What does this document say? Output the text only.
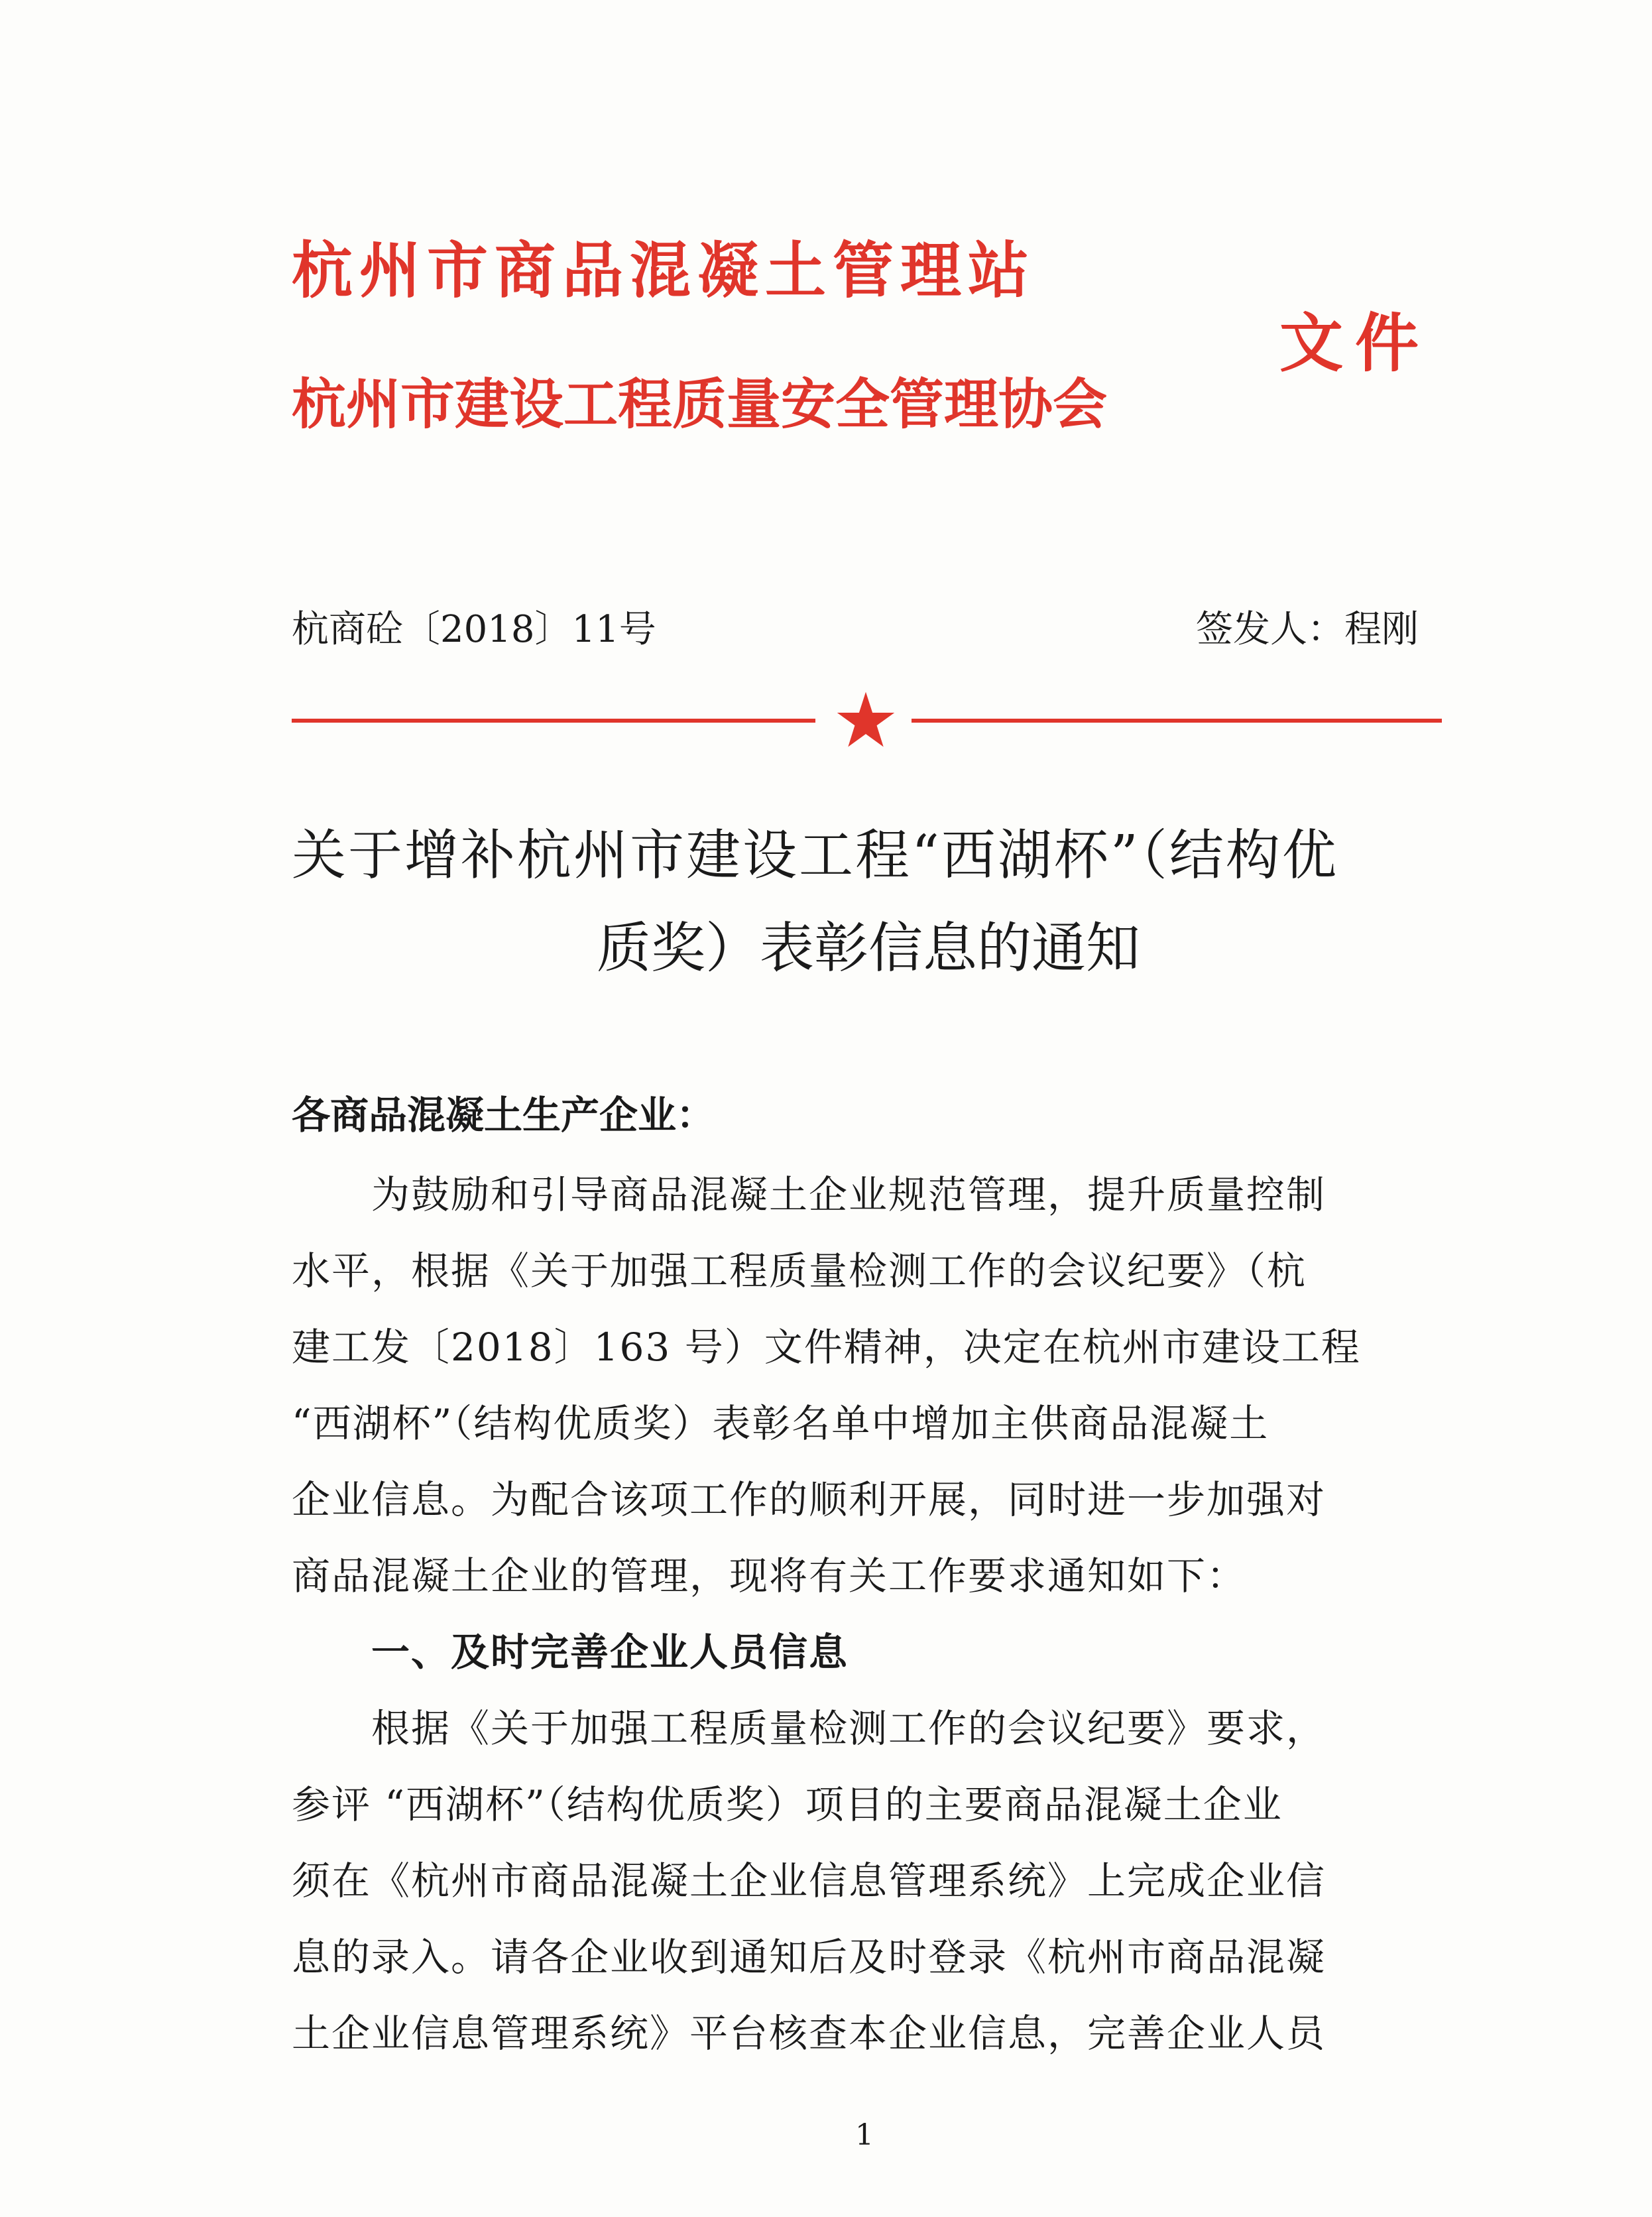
杭州市商品混凝土管理站
杭州市建设工程质量安全管理协会
文件
杭商砼〔2018〕11号	签发人：程刚
关于增补杭州市建设工程“西湖杯”（结构优
质奖）表彰信息的通知
各商品混凝土生产企业：
为鼓励和引导商品混凝土企业规范管理，提升质量控制
水平，根据《关于加强工程质量检测工作的会议纪要》（杭
建工发〔2018〕163 号）文件精神，决定在杭州市建设工程
“西湖杯”（结构优质奖）表彰名单中增加主供商品混凝土
企业信息。为配合该项工作的顺利开展，同时进一步加强对
商品混凝土企业的管理，现将有关工作要求通知如下：
一、及时完善企业人员信息
根据《关于加强工程质量检测工作的会议纪要》要求，
参评 “西湖杯”（结构优质奖）项目的主要商品混凝土企业
须在《杭州市商品混凝土企业信息管理系统》上完成企业信
息的录入。请各企业收到通知后及时登录《杭州市商品混凝
土企业信息管理系统》平台核查本企业信息，完善企业人员
1
